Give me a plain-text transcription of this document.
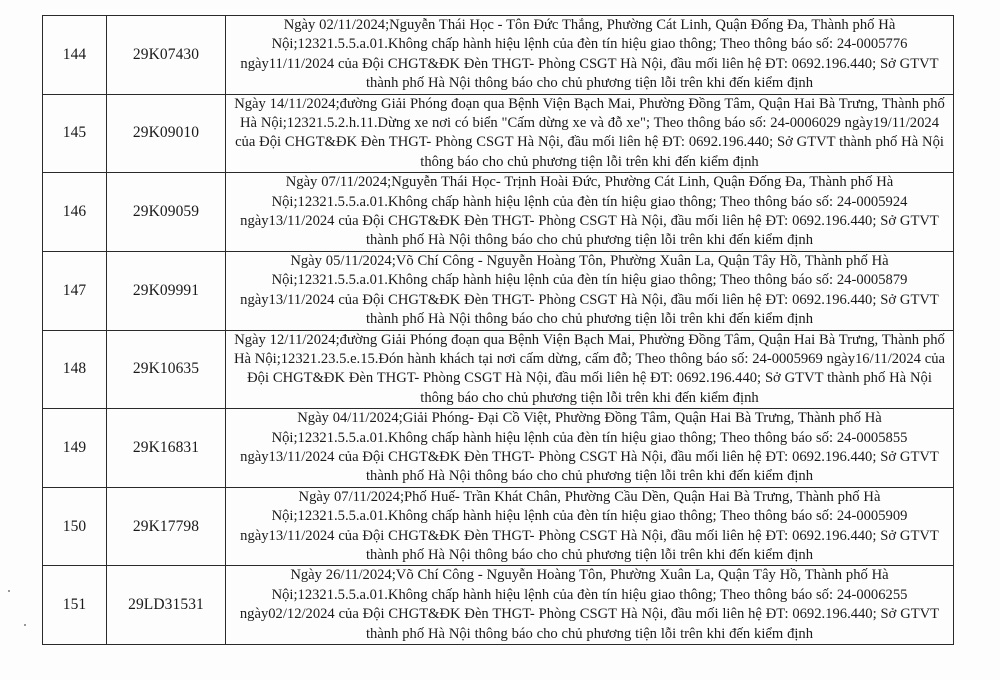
144	29K07430	Ngày 02/11/2024;Nguyễn Thái Học - Tôn Đức Thắng, Phường Cát Linh, Quận Đống Đa, Thành phố Hà Nội;12321.5.5.a.01.Không chấp hành hiệu lệnh của đèn tín hiệu giao thông; Theo thông báo số: 24-0005776 ngày11/11/2024 của Đội CHGT&ĐK Đèn THGT- Phòng CSGT Hà Nội, đầu mối liên hệ ĐT: 0692.196.440; Sở GTVT thành phố Hà Nội thông báo cho chủ phương tiện lỗi trên khi đến kiểm định

145	29K09010	Ngày 14/11/2024;đường Giải Phóng đoạn qua Bệnh Viện Bạch Mai, Phường Đồng Tâm, Quận Hai Bà Trưng, Thành phố Hà Nội;12321.5.2.h.11.Dừng xe nơi có biển "Cấm dừng xe và đỗ xe"; Theo thông báo số: 24-0006029 ngày19/11/2024 của Đội CHGT&ĐK Đèn THGT- Phòng CSGT Hà Nội, đầu mối liên hệ ĐT: 0692.196.440; Sở GTVT thành phố Hà Nội thông báo cho chủ phương tiện lỗi trên khi đến kiểm định

146	29K09059	Ngày 07/11/2024;Nguyễn Thái Học- Trịnh Hoài Đức, Phường Cát Linh, Quận Đống Đa, Thành phố Hà Nội;12321.5.5.a.01.Không chấp hành hiệu lệnh của đèn tín hiệu giao thông; Theo thông báo số: 24-0005924 ngày13/11/2024 của Đội CHGT&ĐK Đèn THGT- Phòng CSGT Hà Nội, đầu mối liên hệ ĐT: 0692.196.440; Sở GTVT thành phố Hà Nội thông báo cho chủ phương tiện lỗi trên khi đến kiểm định

147	29K09991	Ngày 05/11/2024;Võ Chí Công - Nguyễn Hoàng Tôn, Phường Xuân La, Quận Tây Hồ, Thành phố Hà Nội;12321.5.5.a.01.Không chấp hành hiệu lệnh của đèn tín hiệu giao thông; Theo thông báo số: 24-0005879 ngày13/11/2024 của Đội CHGT&ĐK Đèn THGT- Phòng CSGT Hà Nội, đầu mối liên hệ ĐT: 0692.196.440; Sở GTVT thành phố Hà Nội thông báo cho chủ phương tiện lỗi trên khi đến kiểm định

148	29K10635	Ngày 12/11/2024;đường Giải Phóng đoạn qua Bệnh Viện Bạch Mai, Phường Đồng Tâm, Quận Hai Bà Trưng, Thành phố Hà Nội;12321.23.5.e.15.Đón hành khách tại nơi cấm dừng, cấm đỗ; Theo thông báo số: 24-0005969 ngày16/11/2024 của Đội CHGT&ĐK Đèn THGT- Phòng CSGT Hà Nội, đầu mối liên hệ ĐT: 0692.196.440; Sở GTVT thành phố Hà Nội thông báo cho chủ phương tiện lỗi trên khi đến kiểm định

149	29K16831	Ngày 04/11/2024;Giải Phóng- Đại Cồ Việt, Phường Đồng Tâm, Quận Hai Bà Trưng, Thành phố Hà Nội;12321.5.5.a.01.Không chấp hành hiệu lệnh của đèn tín hiệu giao thông; Theo thông báo số: 24-0005855 ngày13/11/2024 của Đội CHGT&ĐK Đèn THGT- Phòng CSGT Hà Nội, đầu mối liên hệ ĐT: 0692.196.440; Sở GTVT thành phố Hà Nội thông báo cho chủ phương tiện lỗi trên khi đến kiểm định

150	29K17798	Ngày 07/11/2024;Phố Huế- Trần Khát Chân, Phường Cầu Dền, Quận Hai Bà Trưng, Thành phố Hà Nội;12321.5.5.a.01.Không chấp hành hiệu lệnh của đèn tín hiệu giao thông; Theo thông báo số: 24-0005909 ngày13/11/2024 của Đội CHGT&ĐK Đèn THGT- Phòng CSGT Hà Nội, đầu mối liên hệ ĐT: 0692.196.440; Sở GTVT thành phố Hà Nội thông báo cho chủ phương tiện lỗi trên khi đến kiểm định

151	29LD31531	Ngày 26/11/2024;Võ Chí Công - Nguyễn Hoàng Tôn, Phường Xuân La, Quận Tây Hồ, Thành phố Hà Nội;12321.5.5.a.01.Không chấp hành hiệu lệnh của đèn tín hiệu giao thông; Theo thông báo số: 24-0006255 ngày02/12/2024 của Đội CHGT&ĐK Đèn THGT- Phòng CSGT Hà Nội, đầu mối liên hệ ĐT: 0692.196.440; Sở GTVT thành phố Hà Nội thông báo cho chủ phương tiện lỗi trên khi đến kiểm định
